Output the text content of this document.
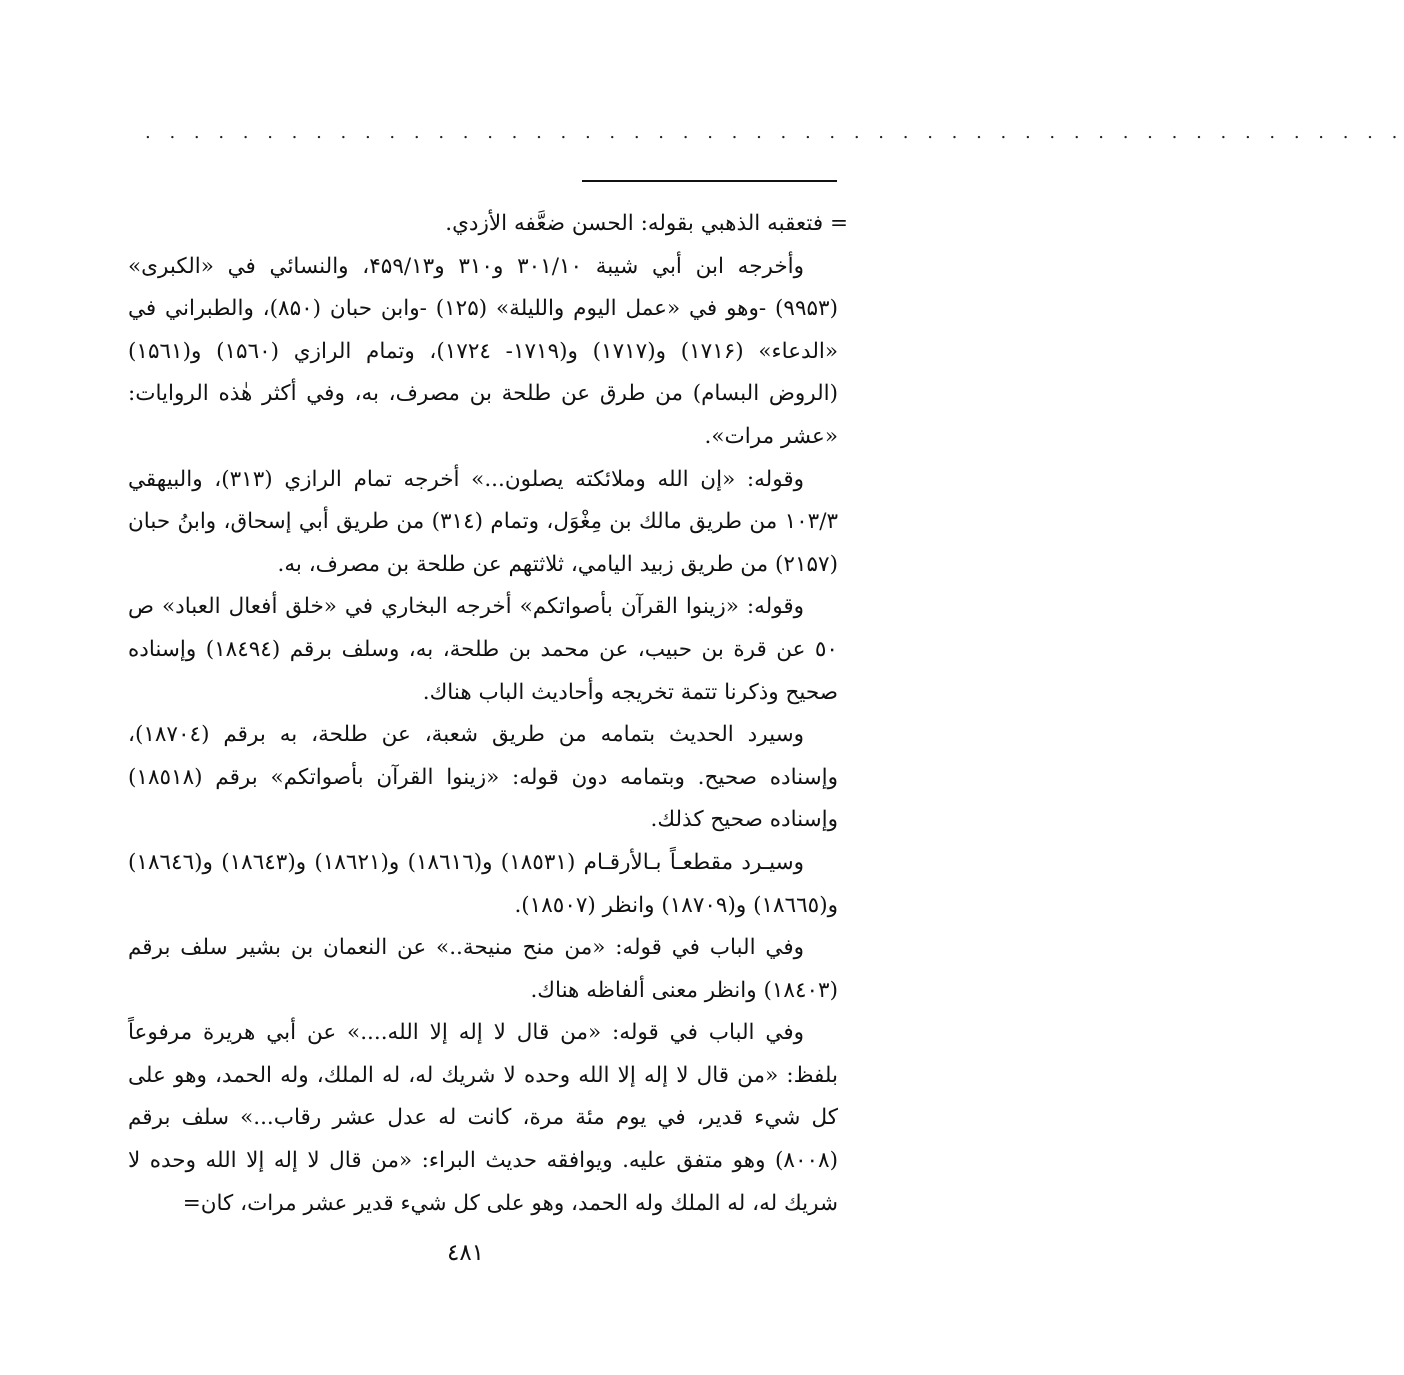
. . . . . . . . . . . . . . . . . . . . . . . . . . . . . . . . . . . . . . . . . . . . . . . . . . . .

= فتعقبه الذهبي بقوله: الحسن ضعَّفه الأزدي.

وأخرجه ابن أبي شيبة ۳۰۱/۱۰ و۳۱۰ و۴۵۹/۱۳، والنسائي في «الكبرى» (۹۹۵۳) -وهو في «عمل اليوم والليلة» (۱۲۵) -وابن حبان (۸۵۰)، والطبراني في «الدعاء» (۱۷۱۶) و(۱۷۱۷) و(۱۷۱۹- ۱۷۲٤)، وتمام الرازي (۱۵٦۰) و(۱۵٦۱) (الروض البسام) من طرق عن طلحة بن مصرف، به، وفي أكثر هٰذه الروايات: «عشر مرات».

وقوله: «إن الله وملائكته يصلون...» أخرجه تمام الرازي (۳۱۳)، والبيهقي ۱۰۳/۳ من طريق مالك بن مِغْوَل، وتمام (۳۱٤) من طريق أبي إسحاق، وابنُ حبان (۲۱۵۷) من طريق زبيد اليامي، ثلاثتهم عن طلحة بن مصرف، به.

وقوله: «زينوا القرآن بأصواتكم» أخرجه البخاري في «خلق أفعال العباد» ص ٥۰ عن قرة بن حبيب، عن محمد بن طلحة، به، وسلف برقم (۱۸٤۹٤) وإسناده صحيح وذكرنا تتمة تخريجه وأحاديث الباب هناك.

وسيرد الحديث بتمامه من طريق شعبة، عن طلحة، به برقم (۱۸۷۰٤)، وإسناده صحيح. وبتمامه دون قوله: «زينوا القرآن بأصواتكم» برقم (۱۸٥۱۸) وإسناده صحيح كذلك.

وسيـرد مقطعـاً بـالأرقـام (۱۸٥۳۱) و(۱۸٦۱٦) و(۱۸٦۲۱) و(۱۸٦٤۳) و(۱۸٦٤٦) و(۱۸٦٦٥) و(۱۸۷۰۹) وانظر (۱۸٥۰۷).

وفي الباب في قوله: «من منح منيحة..» عن النعمان بن بشير سلف برقم (۱۸٤۰۳) وانظر معنى ألفاظه هناك.

وفي الباب في قوله: «من قال لا إله إلا الله....» عن أبي هريرة مرفوعاً بلفظ: «من قال لا إله إلا الله وحده لا شريك له، له الملك، وله الحمد، وهو على كل شيء قدير، في يوم مئة مرة، كانت له عدل عشر رقاب...» سلف برقم (۸۰۰۸) وهو متفق عليه. ويوافقه حديث البراء: «من قال لا إله إلا الله وحده لا شريك له، له الملك وله الحمد، وهو على كل شيء قدير عشر مرات، كان=

٤۸۱
